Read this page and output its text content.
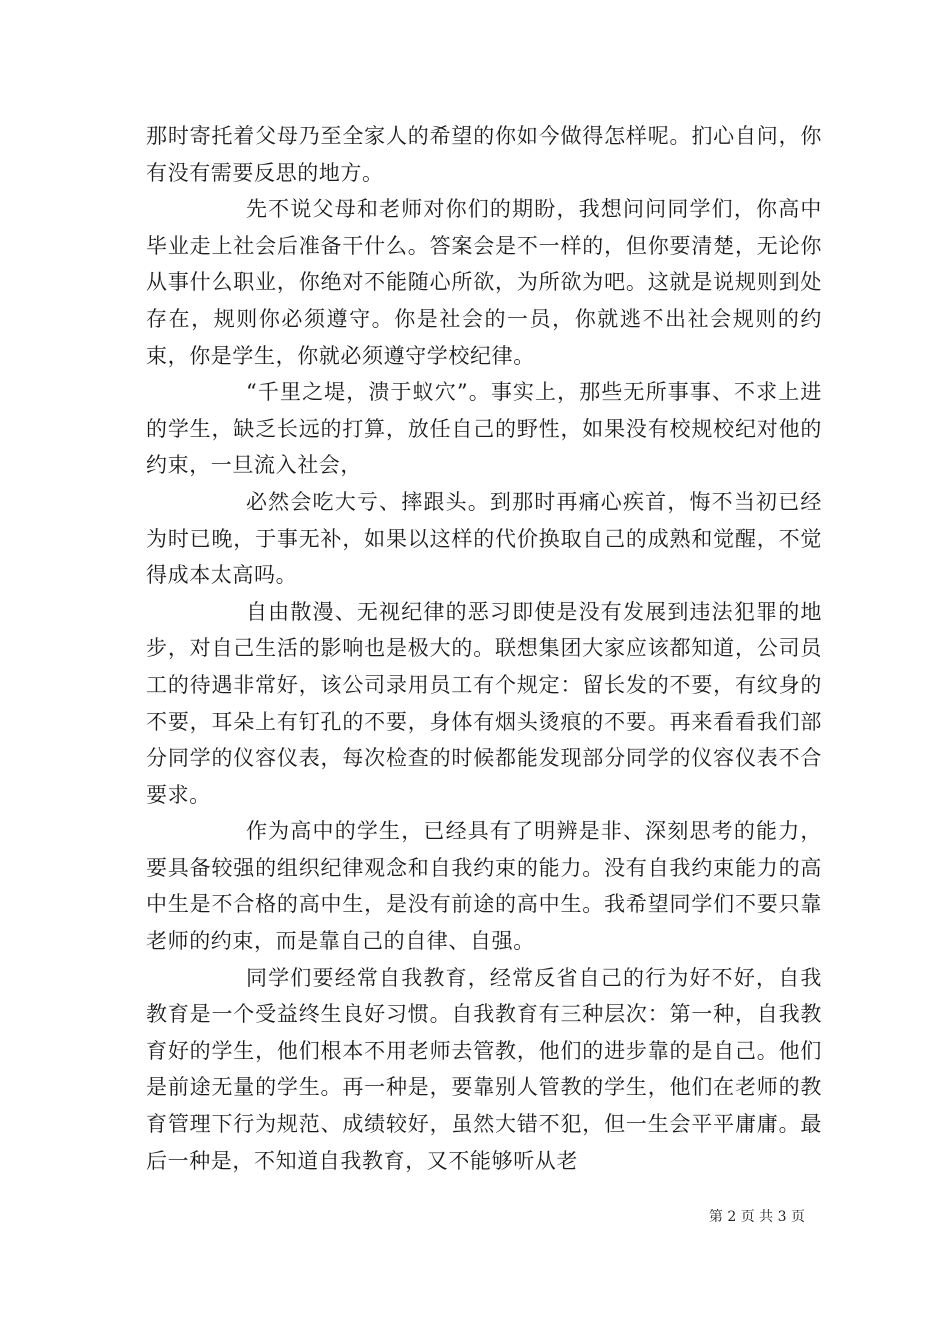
那时寄托着父母乃至全家人的希望的你如今做得怎样呢。扪心自问，你有没有需要反思的地方。

先不说父母和老师对你们的期盼，我想问问同学们，你高中毕业走上社会后准备干什么。答案会是不一样的，但你要清楚，无论你从事什么职业，你绝对不能随心所欲，为所欲为吧。这就是说规则到处存在，规则你必须遵守。你是社会的一员，你就逃不出社会规则的约束，你是学生，你就必须遵守学校纪律。

“千里之堤，溃于蚁穴”。事实上，那些无所事事、不求上进的学生，缺乏长远的打算，放任自己的野性，如果没有校规校纪对他的约束，一旦流入社会，

必然会吃大亏、摔跟头。到那时再痛心疾首，悔不当初已经为时已晚，于事无补，如果以这样的代价换取自己的成熟和觉醒，不觉得成本太高吗。

自由散漫、无视纪律的恶习即使是没有发展到违法犯罪的地步，对自己生活的影响也是极大的。联想集团大家应该都知道，公司员工的待遇非常好，该公司录用员工有个规定：留长发的不要，有纹身的不要，耳朵上有钉孔的不要，身体有烟头烫痕的不要。再来看看我们部分同学的仪容仪表，每次检查的时候都能发现部分同学的仪容仪表不合要求。

作为高中的学生，已经具有了明辨是非、深刻思考的能力，要具备较强的组织纪律观念和自我约束的能力。没有自我约束能力的高中生是不合格的高中生，是没有前途的高中生。我希望同学们不要只靠老师的约束，而是靠自己的自律、自强。

同学们要经常自我教育，经常反省自己的行为好不好，自我教育是一个受益终生良好习惯。自我教育有三种层次：第一种，自我教育好的学生，他们根本不用老师去管教，他们的进步靠的是自己。他们是前途无量的学生。再一种是，要靠别人管教的学生，他们在老师的教育管理下行为规范、成绩较好，虽然大错不犯，但一生会平平庸庸。最后一种是，不知道自我教育，又不能够听从老

第 2 页 共 3 页
